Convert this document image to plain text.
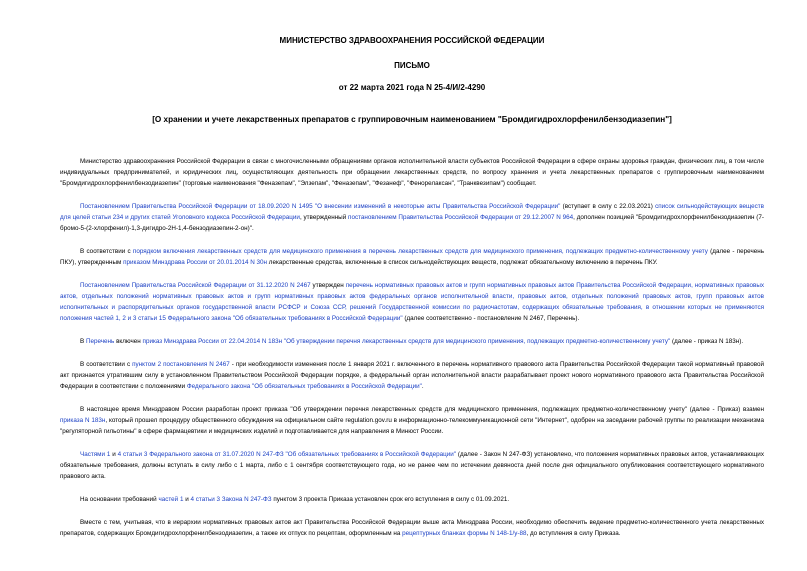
МИНИСТЕРСТВО ЗДРАВООХРАНЕНИЯ РОССИЙСКОЙ ФЕДЕРАЦИИ
ПИСЬМО
от 22 марта 2021 года N 25-4/И/2-4290
[О хранении и учете лекарственных препаратов с группировочным наименованием "Бромдигидрохлорфенилбензодиазепин"]

Министерство здравоохранения Российской Федерации в связи с многочисленными обращениями органов исполнительной власти субъектов Российской Федерации в сфере охраны здоровья граждан, физических лиц, в том числе индивидуальных предпринимателей, и юридических лиц, осуществляющих деятельность при обращении лекарственных средств, по вопросу хранения и учета лекарственных препаратов с группировочным наименованием "Бромдигидрохлорфенилбензодиазепин" (торговые наименования "Феназепам", "Элзепам", "Феназепам", "Фезанеф", "Фенорелаксан", "Транквезипам") сообщает.

Постановлением Правительства Российской Федерации от 18.09.2020 N 1495 "О внесении изменений в некоторые акты Правительства Российской Федерации" (вступает в силу с 22.03.2021) список сильнодействующих веществ для целей статьи 234 и других статей Уголовного кодекса Российской Федерации, утвержденный постановлением Правительства Российской Федерации от 29.12.2007 N 964, дополнен позицией "Бромдигидрохлорфенилбензодиазепин (7-бромо-5-(2-хлорфенил)-1,3-дигидро-2Н-1,4-бензодиазепин-2-он)".

В соответствии с порядком включения лекарственных средств для медицинского применения в перечень лекарственных средств для медицинского применения, подлежащих предметно-количественному учету (далее - перечень ПКУ), утвержденным приказом Минздрава России от 20.01.2014 N 30н лекарственные средства, включенные в список сильнодействующих веществ, подлежат обязательному включению в перечень ПКУ.

Постановлением Правительства Российской Федерации от 31.12.2020 N 2467 утвержден перечень нормативных правовых актов и групп нормативных правовых актов Правительства Российской Федерации, нормативных правовых актов, отдельных положений нормативных правовых актов и групп нормативных правовых актов федеральных органов исполнительной власти, правовых актов, отдельных положений правовых актов, групп правовых актов исполнительных и распорядительных органов государственной власти РСФСР и Союза ССР, решений Государственной комиссии по радиочастотам, содержащих обязательные требования, в отношении которых не применяются положения частей 1, 2 и 3 статьи 15 Федерального закона "Об обязательных требованиях в Российской Федерации" (далее соответственно - постановление N 2467, Перечень).

В Перечень включен приказ Минздрава России от 22.04.2014 N 183н "Об утверждении перечня лекарственных средств для медицинского применения, подлежащих предметно-количественному учету" (далее - приказ N 183н).

В соответствии с пунктом 2 постановления N 2467 - при необходимости изменения после 1 января 2021 г. включенного в перечень нормативного правового акта Правительства Российской Федерации такой нормативный правовой акт признается утратившим силу в установленном Правительством Российской Федерации порядке, а федеральный орган исполнительной власти разрабатывает проект нового нормативного правового акта Правительства Российской Федерации в соответствии с положениями Федерального закона "Об обязательных требованиях в Российской Федерации".

В настоящее время Минздравом России разработан проект приказа "Об утверждении перечня лекарственных средств для медицинского применения, подлежащих предметно-количественному учету" (далее - Приказ) взамен приказа N 183н, который прошел процедуру общественного обсуждения на официальном сайте regulation.gov.ru в информационно-телекоммуникационной сети "Интернет", одобрен на заседании рабочей группы по реализации механизма "регуляторной гильотины" в сфере фармацевтики и медицинских изделий и подготавливается для направления в Минюст России.

Частями 1 и 4 статьи 3 Федерального закона от 31.07.2020 N 247-ФЗ "Об обязательных требованиях в Российской Федерации" (далее - Закон N 247-ФЗ) установлено, что положения нормативных правовых актов, устанавливающих обязательные требования, должны вступать в силу либо с 1 марта, либо с 1 сентября соответствующего года, но не ранее чем по истечении девяноста дней после дня официального опубликования соответствующего нормативного правового акта.

На основании требований частей 1 и 4 статьи 3 Закона N 247-ФЗ пунктом 3 проекта Приказа установлен срок его вступления в силу с 01.09.2021.

Вместе с тем, учитывая, что в иерархии нормативных правовых актов акт Правительства Российской Федерации выше акта Минздрава России, необходимо обеспечить ведение предметно-количественного учета лекарственных препаратов, содержащих Бромдигидрохлорфенилбензодиазепин, а также их отпуск по рецептам, оформленным на рецептурных бланках формы N 148-1/у-88, до вступления в силу Приказа.
